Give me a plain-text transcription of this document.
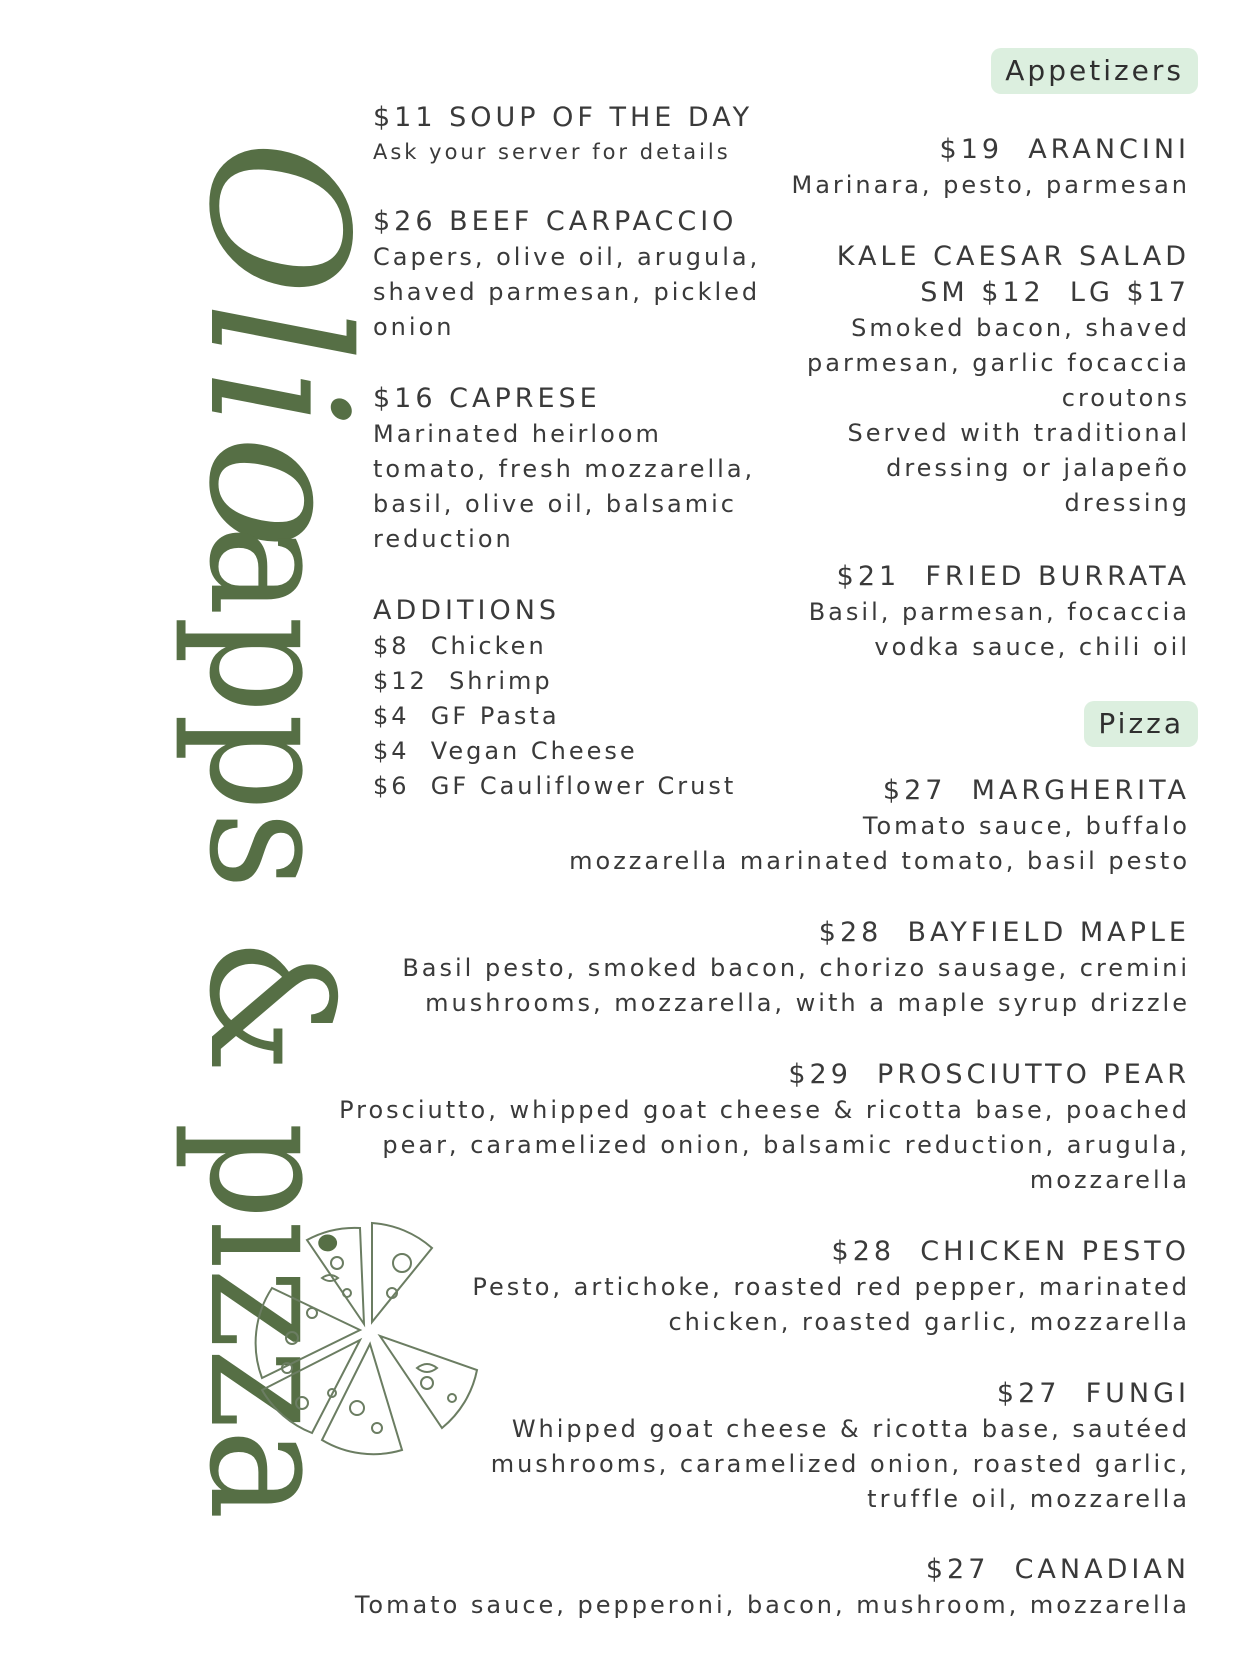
Olio
apps & pizza
$11 SOUP OF THE DAY
Ask your server for details
$26 BEEF CARPACCIO
Capers, olive oil, arugula,
shaved parmesan, pickled
onion
$16 CAPRESE
Marinated heirloom
tomato, fresh mozzarella,
basil, olive oil, balsamic
reduction
ADDITIONS
$8  Chicken
$12  Shrimp
$4  GF Pasta
$4  Vegan Cheese
$6  GF Cauliflower Crust
Appetizers
Pizza
$19  ARANCINI
Marinara, pesto, parmesan
KALE CAESAR SALAD
SM $12  LG $17
Smoked bacon, shaved
parmesan, garlic focaccia
croutons
Served with traditional
dressing or jalapeño
dressing
$21  FRIED BURRATA
Basil, parmesan, focaccia
vodka sauce, chili oil
$27  MARGHERITA
Tomato sauce, buffalo
mozzarella marinated tomato, basil pesto
$28  BAYFIELD MAPLE
Basil pesto, smoked bacon, chorizo sausage, cremini
mushrooms, mozzarella, with a maple syrup drizzle
$29  PROSCIUTTO PEAR
Prosciutto, whipped goat cheese & ricotta base, poached
pear, caramelized onion, balsamic reduction, arugula,
mozzarella
$28  CHICKEN PESTO
Pesto, artichoke, roasted red pepper, marinated
chicken, roasted garlic, mozzarella
$27  FUNGI
Whipped goat cheese & ricotta base, sautéed
mushrooms, caramelized onion, roasted garlic,
truffle oil, mozzarella
$27  CANADIAN
Tomato sauce, pepperoni, bacon, mushroom, mozzarella
